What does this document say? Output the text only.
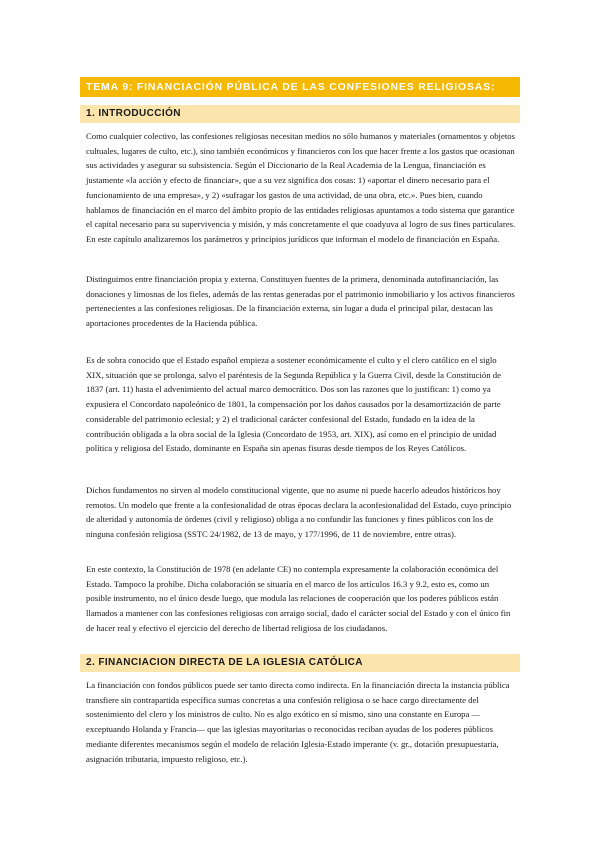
TEMA 9: FINANCIACIÓN PÚBLICA DE LAS CONFESIONES RELIGIOSAS:
1. INTRODUCCIÓN

Como cualquier colectivo, las confesiones religiosas necesitan medios no sólo humanos y materiales (ornamentos y objetos cultuales, lugares de culto, etc.), sino también económicos y financieros con los que hacer frente a los gastos que ocasionan sus actividades y asegurar su subsistencia. Según el Diccionario de la Real Academia de la Lengua, financiación es justamente «la acción y efecto de financiar», que a su vez significa dos cosas: 1) «aportar el dinero necesario para el funcionamiento de una empresa», y 2) «sufragar los gastos de una actividad, de una obra, etc.». Pues bien, cuando hablamos de financiación en el marco del ámbito propio de las entidades religiosas apuntamos a todo sistema que garantice el capital necesario para su supervivencia y misión, y más concretamente el que coadyuva al logro de sus fines particulares. En este capítulo analizaremos los parámetros y principios jurídicos que informan el modelo de financiación en España.

Distinguimos entre financiación propia y externa. Constituyen fuentes de la primera, denominada autofinanciación, las donaciones y limosnas de los fieles, además de las rentas generadas por el patrimonio inmobiliario y los activos financieros pertenecientes a las confesiones religiosas. De la financiación externa, sin lugar a duda el principal pilar, destacan las aportaciones procedentes de la Hacienda pública.

Es de sobra conocido que el Estado español empieza a sostener económicamente el culto y el clero católico en el siglo XIX, situación que se prolonga, salvo el paréntesis de la Segunda República y la Guerra Civil, desde la Constitución de 1837 (art. 11) hasta el advenimiento del actual marco democrático. Dos son las razones que lo justifican: 1) como ya expusiera el Concordato napoleónico de 1801, la compensación por los daños causados por la desamortización de parte considerable del patrimonio eclesial; y 2) el tradicional carácter confesional del Estado, fundado en la idea de la contribución obligada a la obra social de la Iglesia (Concordato de 1953, art. XIX), así como en el principio de unidad política y religiosa del Estado, dominante en España sin apenas fisuras desde tiempos de los Reyes Católicos.

Dichos fundamentos no sirven al modelo constitucional vigente, que no asume ni puede hacerlo adeudos históricos hoy remotos. Un modelo que frente a la confesionalidad de otras épocas declara la aconfesionalidad del Estado, cuyo principio de alteridad y autonomía de órdenes (civil y religioso) obliga a no confundir las funciones y fines públicos con los de ninguna confesión religiosa (SSTC 24/1982, de 13 de mayo, y 177/1996, de 11 de noviembre, entre otras).

En este contexto, la Constitución de 1978 (en adelante CE) no contempla expresamente la colaboración económica del Estado. Tampoco la prohíbe. Dicha colaboración se situaría en el marco de los artículos 16.3 y 9.2, esto es, como un posible instrumento, no el único desde luego, que modula las relaciones de cooperación que los poderes públicos están llamados a mantener con las confesiones religiosas con arraigo social, dado el carácter social del Estado y con el único fin de hacer real y efectivo el ejercicio del derecho de libertad religiosa de los ciudadanos.

2. FINANCIACION DIRECTA DE LA IGLESIA CATÓLICA

La financiación con fondos públicos puede ser tanto directa como indirecta. En la financiación directa la instancia pública transfiere sin contrapartida específica sumas concretas a una confesión religiosa o se hace cargo directamente del sostenimiento del clero y los ministros de culto. No es algo exótico en sí mismo, sino una constante en Europa —exceptuando Holanda y Francia— que las iglesias mayoritarias o reconocidas reciban ayudas de los poderes públicos mediante diferentes mecanismos según el modelo de relación Iglesia-Estado imperante (v. gr., dotación presupuestaria, asignación tributaria, impuesto religioso, etc.).
